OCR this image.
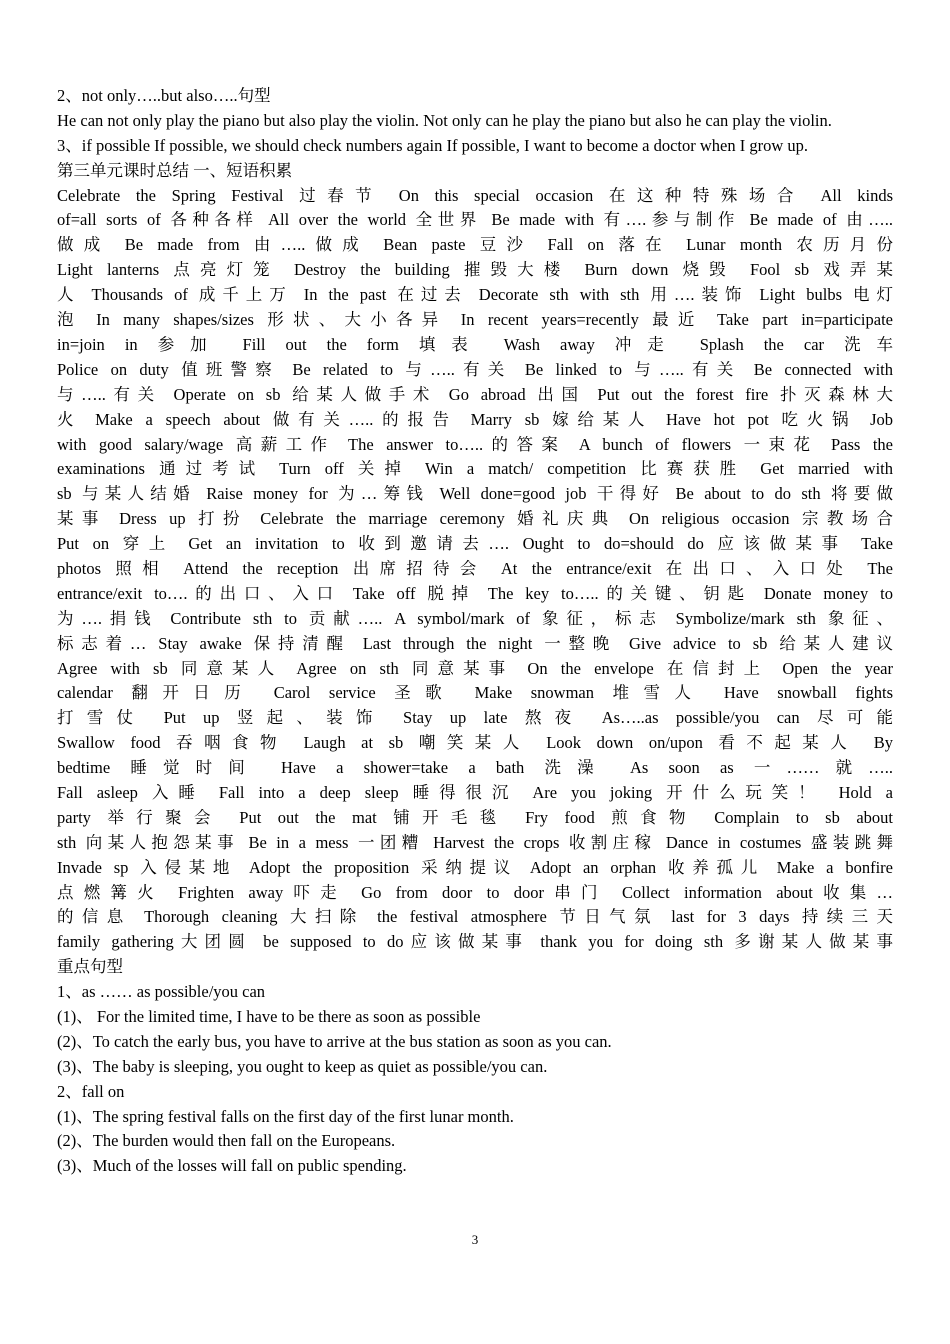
2、not only…..but also…..句型
He can not only play the piano but also play the violin. Not only can he play the piano but also he can play the violin.
3、if possible If possible, we should check numbers again If possible, I want to become a doctor when I grow up.
第三单元课时总结 一、短语积累
Celebrate the Spring Festival 过春节 On this special occasion 在这种特殊场合 All kinds
of=all sorts of 各种各样 All over the world 全世界 Be made with 有….参与制作 Be made of 由…..
做成 Be made from 由…..做成 Bean paste 豆沙 Fall on 落在 Lunar month 农历月份
Light lanterns 点亮灯笼 Destroy the building 摧毁大楼 Burn down 烧毁 Fool sb 戏弄某
人 Thousands of 成千上万 In the past 在过去 Decorate sth with sth 用….装饰 Light bulbs 电灯
泡 In many shapes/sizes 形状、大小各异 In recent years=recently 最近 Take part in=participate
in=join in 参加 Fill out the form 填表 Wash away 冲走 Splash the car 洗车
Police on duty 值班警察 Be related to 与…..有关 Be linked to 与…..有关 Be connected with
与…..有关 Operate on sb 给某人做手术 Go abroad 出国 Put out the forest fire 扑灭森林大
火 Make a speech about 做有关…..的报告 Marry sb 嫁给某人 Have hot pot 吃火锅 Job
with good salary/wage 高薪工作 The answer to…..的答案 A bunch of flowers 一束花 Pass the
examinations 通过考试 Turn off 关掉 Win a match/ competition 比赛获胜 Get married with
sb 与某人结婚 Raise money for 为…筹钱 Well done=good job 干得好 Be about to do sth 将要做
某事 Dress up 打扮 Celebrate the marriage ceremony 婚礼庆典 On religious occasion 宗教场合
Put on 穿上 Get an invitation to 收到邀请去…. Ought to do=should do 应该做某事 Take
photos 照相 Attend the reception 出席招待会 At the entrance/exit 在出口、入口处 The
entrance/exit to….的出口、入口 Take off 脱掉 The key to…..的关键、钥匙 Donate money to
为….捐钱 Contribute sth to 贡献….. A symbol/mark of 象征，标志 Symbolize/mark sth 象征、
标志着… Stay awake 保持清醒 Last through the night 一整晚 Give advice to sb 给某人建议
Agree with sb 同意某人 Agree on sth 同意某事 On the envelope 在信封上 Open the year
calendar 翻开日历 Carol service 圣歌 Make snowman 堆雪人 Have snowball fights
打雪仗 Put up 竖起、装饰 Stay up late 熬夜 As…..as possible/you can 尽可能
Swallow food 吞咽食物 Laugh at sb 嘲笑某人 Look down on/upon 看不起某人 By
bedtime 睡觉时间 Have a shower=take a bath 洗澡 As soon as 一……就…..
Fall asleep 入睡 Fall into a deep sleep 睡得很沉 Are you joking 开什么玩笑！ Hold a
party 举行聚会 Put out the mat 铺开毛毯 Fry food 煎食物 Complain to sb about
sth 向某人抱怨某事 Be in a mess 一团糟 Harvest the crops 收割庄稼 Dance in costumes 盛装跳舞
Invade sp 入侵某地 Adopt the proposition 采纳提议 Adopt an orphan 收养孤儿 Make a bonfire
点燃篝火 Frighten away吓走 Go from door to door串门 Collect information about收集…
的信息 Thorough cleaning 大扫除 the festival atmosphere 节日气氛 last for 3 days 持续三天
family gathering大团圆 be supposed to do应该做某事 thank you for doing sth 多谢某人做某事
重点句型
1、as …… as possible/you can
(1)、 For the limited time, I have to be there as soon as possible
(2)、To catch the early bus, you have to arrive at the bus station as soon as you can.
(3)、The baby is sleeping, you ought to keep as quiet as possible/you can.
2、fall on
(1)、The spring festival falls on the first day of the first lunar month.
(2)、The burden would then fall on the Europeans.
(3)、Much of the losses will fall on public spending.
3
